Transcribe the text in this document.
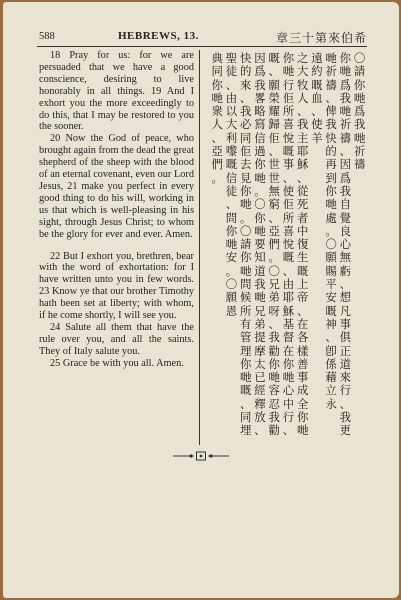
588	HEBREWS, 13.	章三十第來伯希

18 Pray for us: for we are persuaded that we have a good conscience, desiring to live honorably in all things. 19 And I exhort you the more exceedingly to do this, that I may be restored to you the sooner.

20 Now the God of peace, who brought again from the dead the great shepherd of the sheep with the blood of an eternal covenant, even our Lord Jesus, 21 make you perfect in every good thing to do his will, working in us that which is well-pleasing in his sight, through Jesus Christ; to whom be the glory for ever and ever. Amen.

22 But I exhort you, brethren, bear with the word of exhortation: for I have written unto you in few words. 23 Know ye that our brother Timothy hath been set at liberty; with whom, if he come shortly, I will see you.

24 Salute all them that have the rule over you, and all the saints. They of Italy salute you.

25 Grace be with you all. Amen.

〇
請
你
哋
爲
我
哋
祈
禱
你
哋
爲
我
哋
祈
禱
、
因
爲
我
自
覺
良
心
無
虧
、
想
凡
事
俱
正
道
來
行
、
我
更
哋
祈
禱
、
俾
我
快
的
再
到
你
哋
處
。
〇
願
賜
平
安
嘅
神
、
卽
係
藉
立
永
遠
約
嘅
血
、
使
羊
之
大
牧
人
、
我
主
耶
穌
、
從
死
者
中
復
生
嘅
上
帝
、
在
各
樣
善
事
成
全
你
哋
你
哋
行
佢
所
喜
悅
嘅
事
、
使
佢
所
喜
悅
嘅
、
由
耶
穌
基
督
在
你
哋
心
中
行
、
嘅
、
願
榮
耀
歸
佢
、
世
世
無
窮
、
亞
們
。
〇
兄
弟
呀
、
我
勸
你
哋
容
忍
我
勸
因
爲
我
畧
略
寫
信
過
你
哋
。
〇
你
哋
要
知
道
我
哋
兄
弟
提
摩
太
已
經
釋
放
、
快
的
來
、
我
必
同
佢
去
見
你
哋
。
〇
請
你
哋
問
候
所
有
管
理
你
哋
嘅
、
同
埋
聖
徒
、
由
以
大
利
嚟
嘅
信
徒
、
問
你
哋
安
。
〇
願
恩
典
同
你
哋
衆
人
、
亞
們
。
